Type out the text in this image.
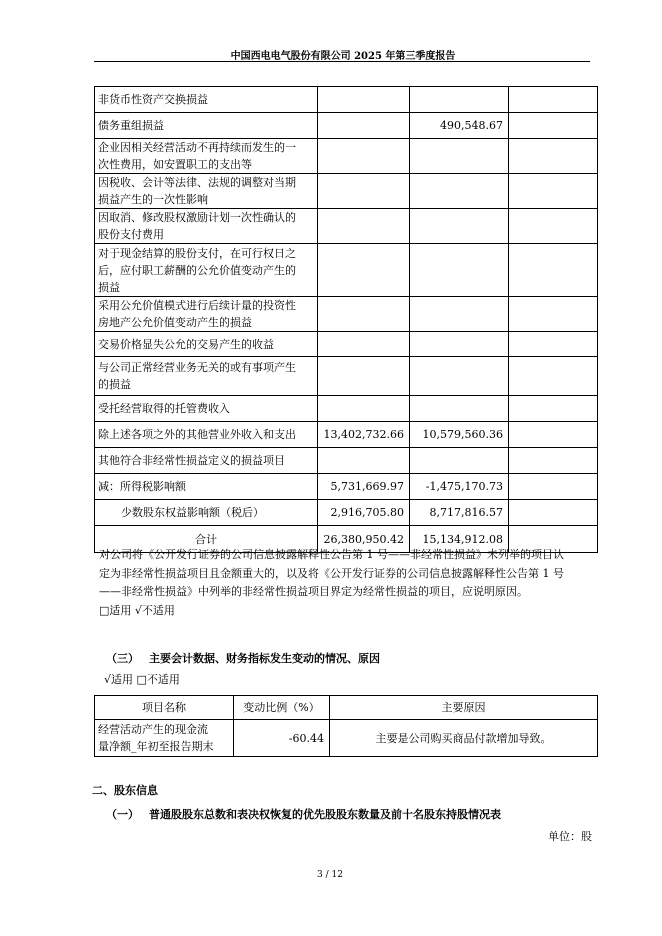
中国西电电气股份有限公司 2025 年第三季度报告
非货币性资产交换损益			

债务重组损益		490,548.67	

企业因相关经营活动不再持续而发生的一
次性费用，如安置职工的支出等			

因税收、会计等法律、法规的调整对当期
损益产生的一次性影响			

因取消、修改股权激励计划一次性确认的
股份支付费用			

对于现金结算的股份支付，在可行权日之
后，应付职工薪酬的公允价值变动产生的
损益			

采用公允价值模式进行后续计量的投资性
房地产公允价值变动产生的损益			

交易价格显失公允的交易产生的收益			

与公司正常经营业务无关的或有事项产生
的损益			

受托经营取得的托管费收入			

除上述各项之外的其他营业外收入和支出	13,402,732.66	10,579,560.36	

其他符合非经常性损益定义的损益项目			

减：所得税影响额	5,731,669.97	-1,475,170.73	

少数股东权益影响额（税后）	2,916,705.80	8,717,816.57	

合计	26,380,950.42	15,134,912.08	
对公司将《公开发行证券的公司信息披露解释性公告第 1 号——非经常性损益》未列举的项目认
定为非经常性损益项目且金额重大的，以及将《公开发行证券的公司信息披露解释性公告第 1 号
——非经常性损益》中列举的非经常性损益项目界定为经常性损益的项目，应说明原因。
□适用 √不适用
（三） 主要会计数据、财务指标发生变动的情况、原因
√适用 □不适用
项目名称	变动比例（%）	主要原因

经营活动产生的现金流
量净额_年初至报告期末	-60.44	主要是公司购买商品付款增加导致。
二、股东信息
（一） 普通股股东总数和表决权恢复的优先股股东数量及前十名股东持股情况表
单位：股
3 / 12
